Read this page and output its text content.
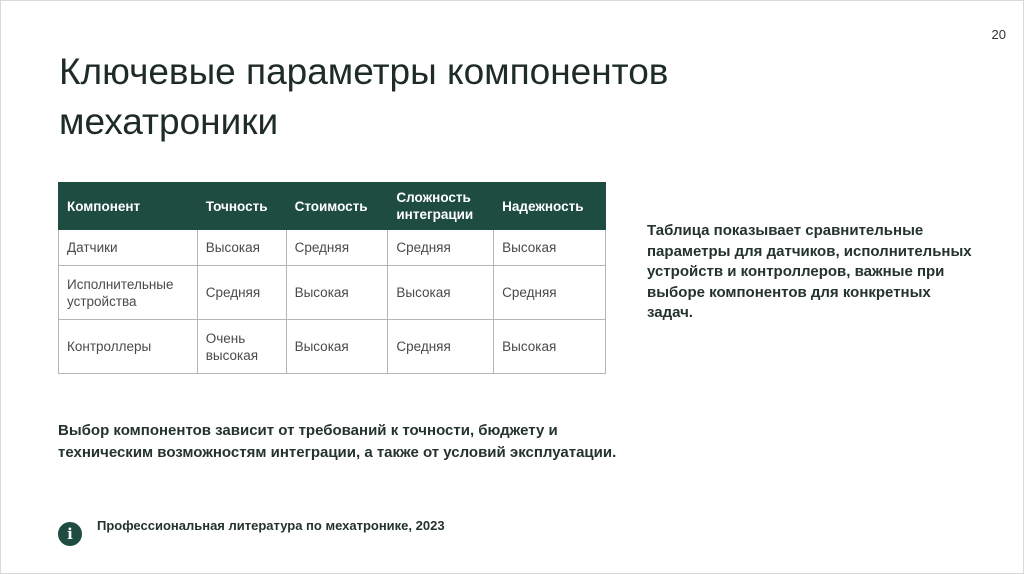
20
Ключевые параметры компонентов мехатроники
Компонент	Точность	Стоимость	Сложность интеграции	Надежность
Датчики	Высокая	Средняя	Средняя	Высокая
Исполнительные устройства	Средняя	Высокая	Высокая	Средняя
Контроллеры	Очень высокая	Высокая	Средняя	Высокая
Таблица показывает сравнительные параметры для датчиков, исполнительных устройств и контроллеров, важные при выборе компонентов для конкретных задач.
Выбор компонентов зависит от требований к точности, бюджету и техническим возможностям интеграции, а также от условий эксплуатации.
i	Профессиональная литература по мехатронике, 2023
